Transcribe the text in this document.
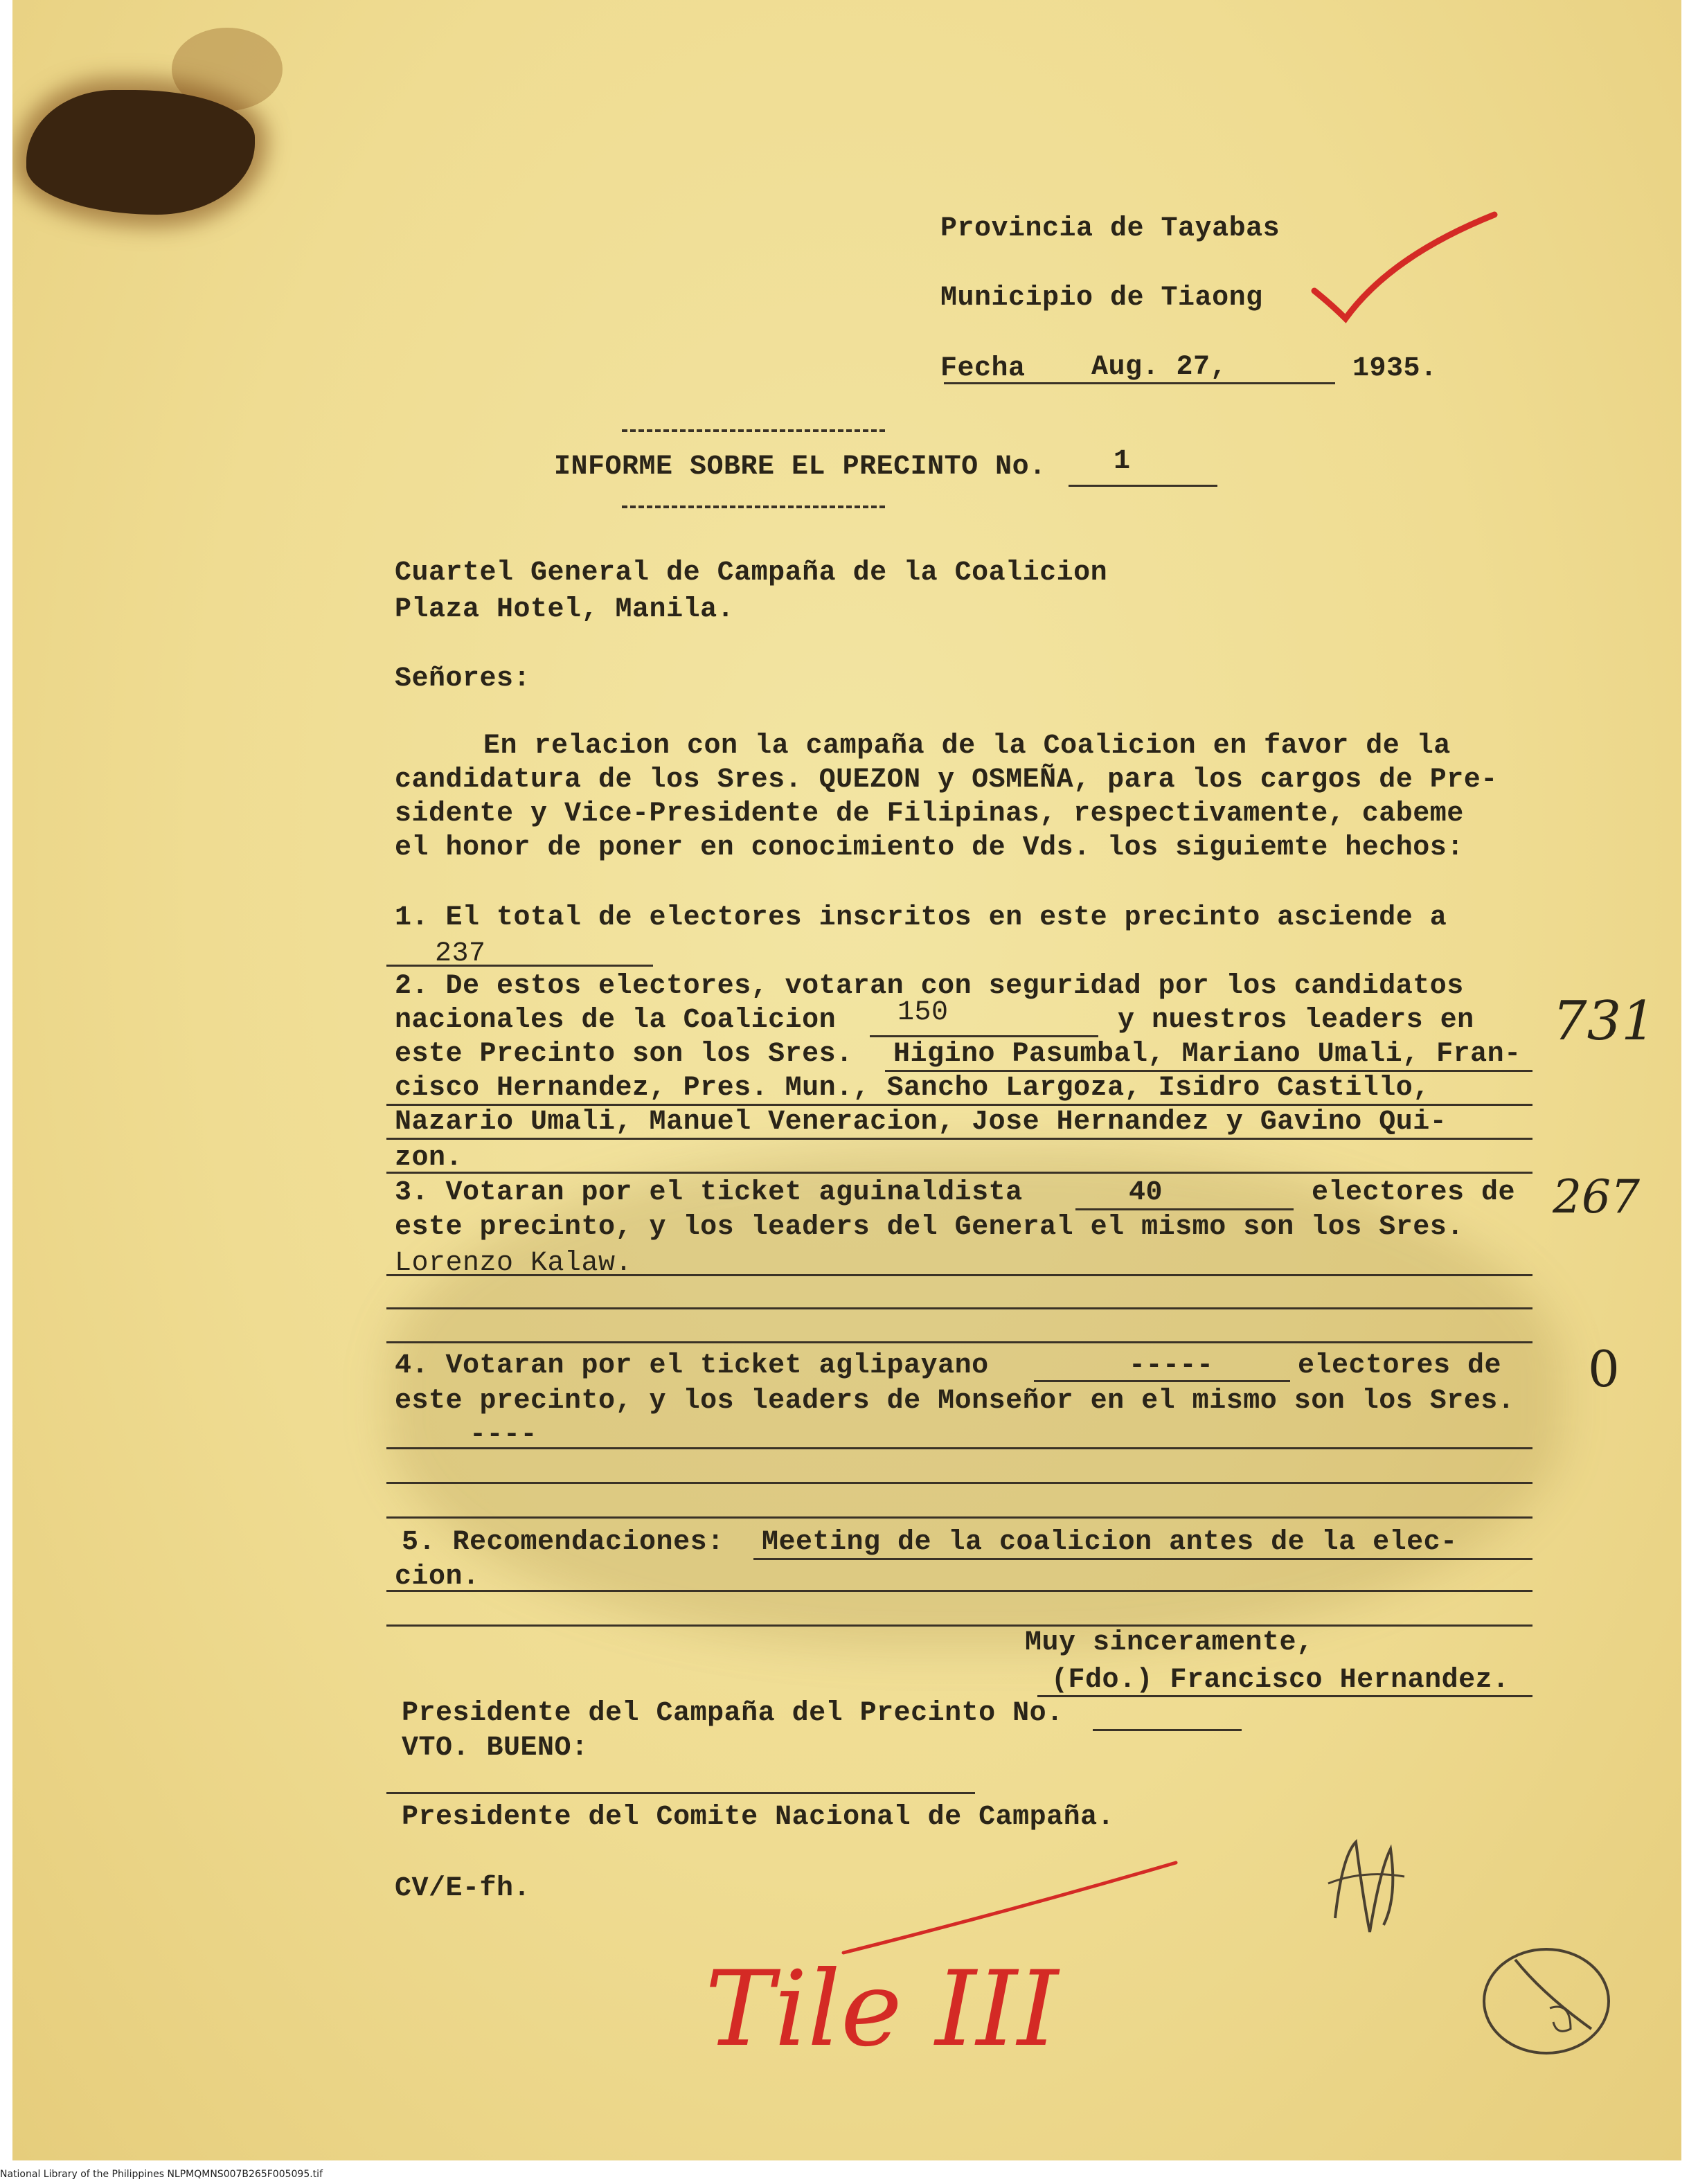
Provincia de Tayabas
Municipio de Tiaong
Fecha Aug. 27,	1935.
INFORME SOBRE EL PRECINTO No. 1
Cuartel General de Campaña de la Coalicion
Plaza Hotel, Manila.
Señores:
En relacion con la campaña de la Coalicion en favor de la
candidatura de los Sres. QUEZON y OSMEÑA, para los cargos de Pre-
sidente y Vice-Presidente de Filipinas, respectivamente, cabeme
el honor de poner en conocimiento de Vds. los siguiemte hechos:
1. El total de electores inscritos en este precinto asciende a
237
2. De estos electores, votaran con seguridad por los candidatos
nacionales de la Coalicion 150	y nuestros leaders en
este Precinto son los Sres. Higino Pasumbal, Mariano Umali, Fran-
cisco Hernandez, Pres. Mun., Sancho Largoza, Isidro Castillo,
Nazario Umali, Manuel Veneracion, Jose Hernandez y Gavino Qui-
zon.
3. Votaran por el ticket aguinaldista	40	electores de
este precinto, y los leaders del General el mismo son los Sres.
Lorenzo Kalaw.
4. Votaran por el ticket aglipayano	-----	electores de
este precinto, y los leaders de Monseñor en el mismo son los Sres.
----
5. Recomendaciones: Meeting de la coalicion antes de la elec-
cion.
Muy sinceramente,
(Fdo.) Francisco Hernandez.
Presidente del Campaña del Precinto No.
VTO. BUENO:
Presidente del Comite Nacional de Campaña.
CV/E-fh.
731
267
0
Tile III
National Library of the Philippines NLPMQMNS007B265F005095.tif
